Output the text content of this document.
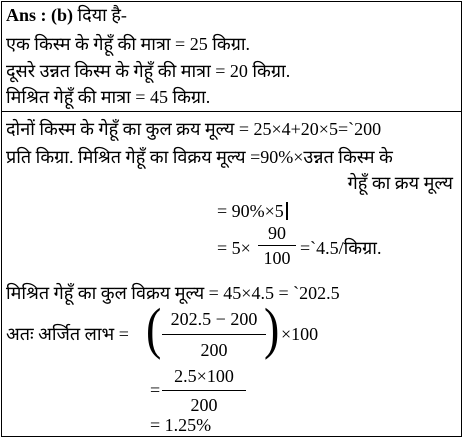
Ans : (b) दिया है-
एक किस्म के गेहूँ की मात्रा = 25 किग्रा.
दूसरे उन्नत किस्म के गेहूँ की मात्रा = 20 किग्रा.
मिश्रित गेहूँ की मात्रा = 45 किग्रा.
दोनों किस्म के गेहूँ का कुल क्रय मूल्य = 25×4+20×5=`200
प्रति किग्रा. मिश्रित गेहूँ का विक्रय मूल्य =90%×उन्नत किस्म के
गेहूँ का क्रय मूल्य
= 90%×5
= 5×
90
100 =`4.5/किग्रा.
मिश्रित गेहूँ का कुल विक्रय मूल्य = 45×4.5 = `202.5
अतः अर्जित लाभ = ( 202.5 − 200
200 ) ×100
=
2.5×100
200
= 1.25%
